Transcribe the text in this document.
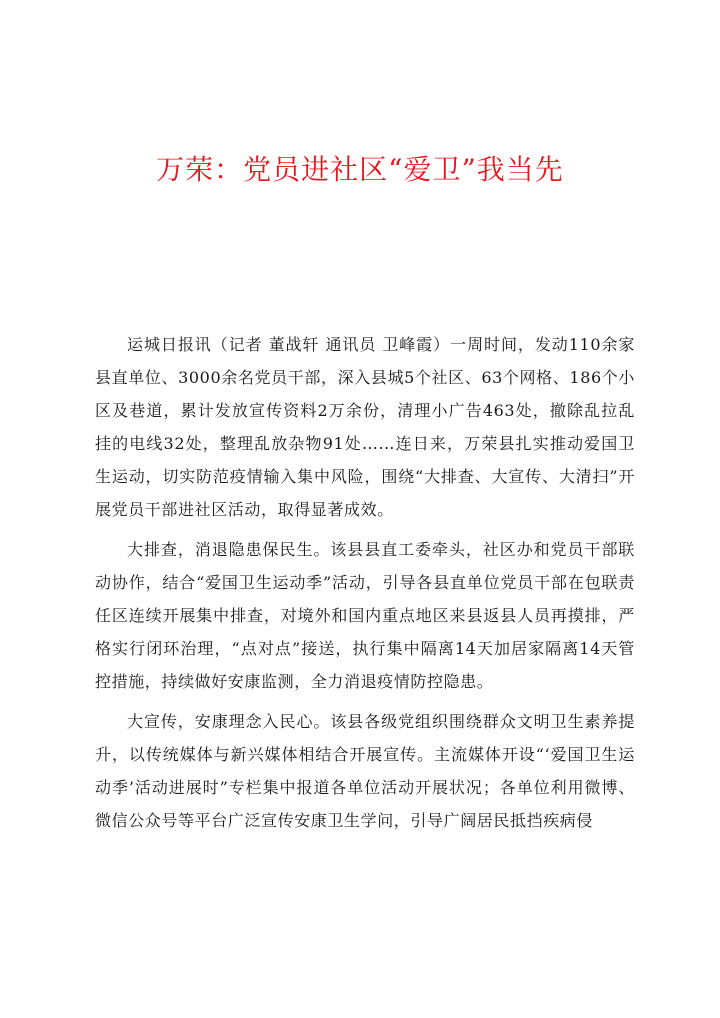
万荣：党员进社区“爱卫”我当先

运城日报讯（记者 董战轩 通讯员 卫峰霞）一周时间，发动110余家县直单位、3000余名党员干部，深入县城5个社区、63个网格、186个小区及巷道，累计发放宣传资料2万余份，清理小广告463处，撤除乱拉乱挂的电线32处，整理乱放杂物91处……连日来，万荣县扎实推动爱国卫生运动，切实防范疫情输入集中风险，围绕“大排查、大宣传、大清扫”开展党员干部进社区活动，取得显著成效。

大排查，消退隐患保民生。该县县直工委牵头，社区办和党员干部联动协作，结合“爱国卫生运动季”活动，引导各县直单位党员干部在包联责任区连续开展集中排查，对境外和国内重点地区来县返县人员再摸排，严格实行闭环治理，“点对点”接送，执行集中隔离14天加居家隔离14天管控措施，持续做好安康监测，全力消退疫情防控隐患。

大宣传，安康理念入民心。该县各级党组织围绕群众文明卫生素养提升，以传统媒体与新兴媒体相结合开展宣传。主流媒体开设“‘爱国卫生运动季’活动进展时”专栏集中报道各单位活动开展状况；各单位利用微博、微信公众号等平台广泛宣传安康卫生学问，引导广阔居民抵挡疾病侵
